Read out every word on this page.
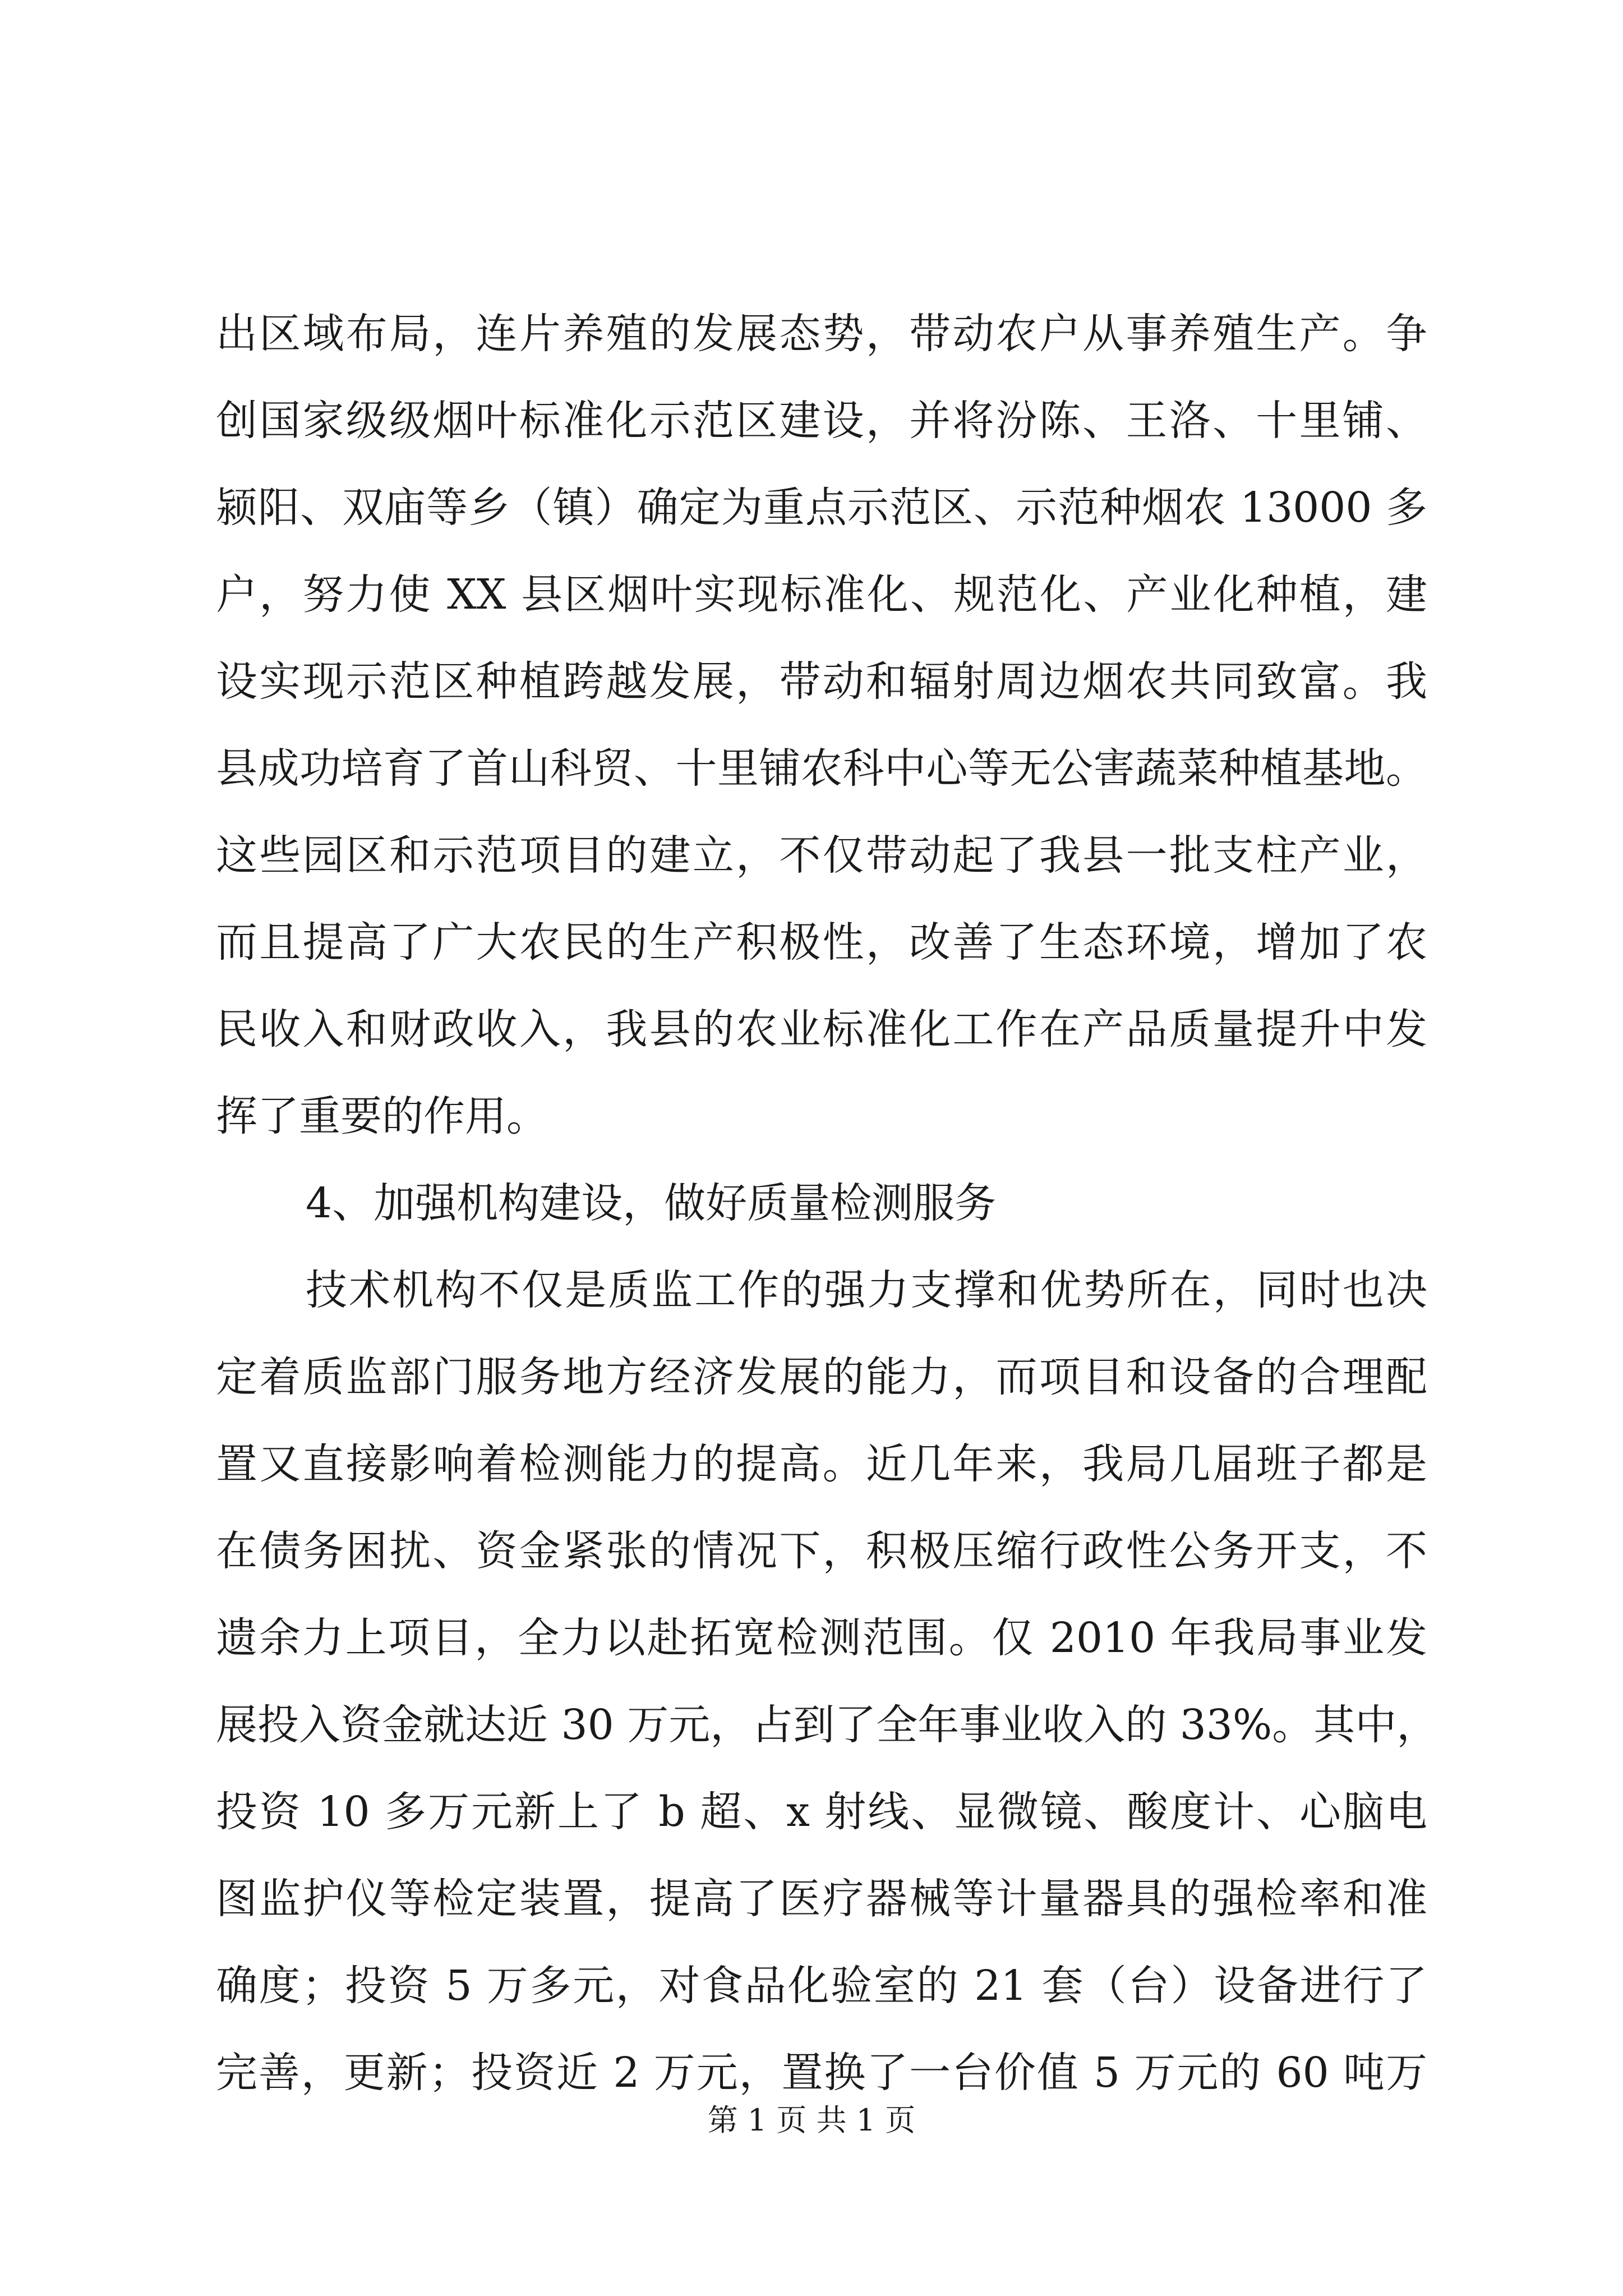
出区域布局，连片养殖的发展态势，带动农户从事养殖生产。争
创国家级级烟叶标准化示范区建设，并将汾陈、王洛、十里铺、
颍阳、双庙等乡（镇）确定为重点示范区、示范种烟农 13000 多
户，努力使 XX 县区烟叶实现标准化、规范化、产业化种植，建
设实现示范区种植跨越发展，带动和辐射周边烟农共同致富。我
县成功培育了首山科贸、十里铺农科中心等无公害蔬菜种植基地。
这些园区和示范项目的建立，不仅带动起了我县一批支柱产业，
而且提高了广大农民的生产积极性，改善了生态环境，增加了农
民收入和财政收入，我县的农业标准化工作在产品质量提升中发
挥了重要的作用。
4、加强机构建设，做好质量检测服务
技术机构不仅是质监工作的强力支撑和优势所在，同时也决
定着质监部门服务地方经济发展的能力，而项目和设备的合理配
置又直接影响着检测能力的提高。近几年来，我局几届班子都是
在债务困扰、资金紧张的情况下，积极压缩行政性公务开支，不
遗余力上项目，全力以赴拓宽检测范围。仅 2010 年我局事业发
展投入资金就达近 30 万元，占到了全年事业收入的 33%。其中，
投资 10 多万元新上了 b 超、x 射线、显微镜、酸度计、心脑电
图监护仪等检定装置，提高了医疗器械等计量器具的强检率和准
确度；投资 5 万多元，对食品化验室的 21 套（台）设备进行了
完善，更新；投资近 2 万元，置换了一台价值 5 万元的 60 吨万
第 1 页 共 1 页
